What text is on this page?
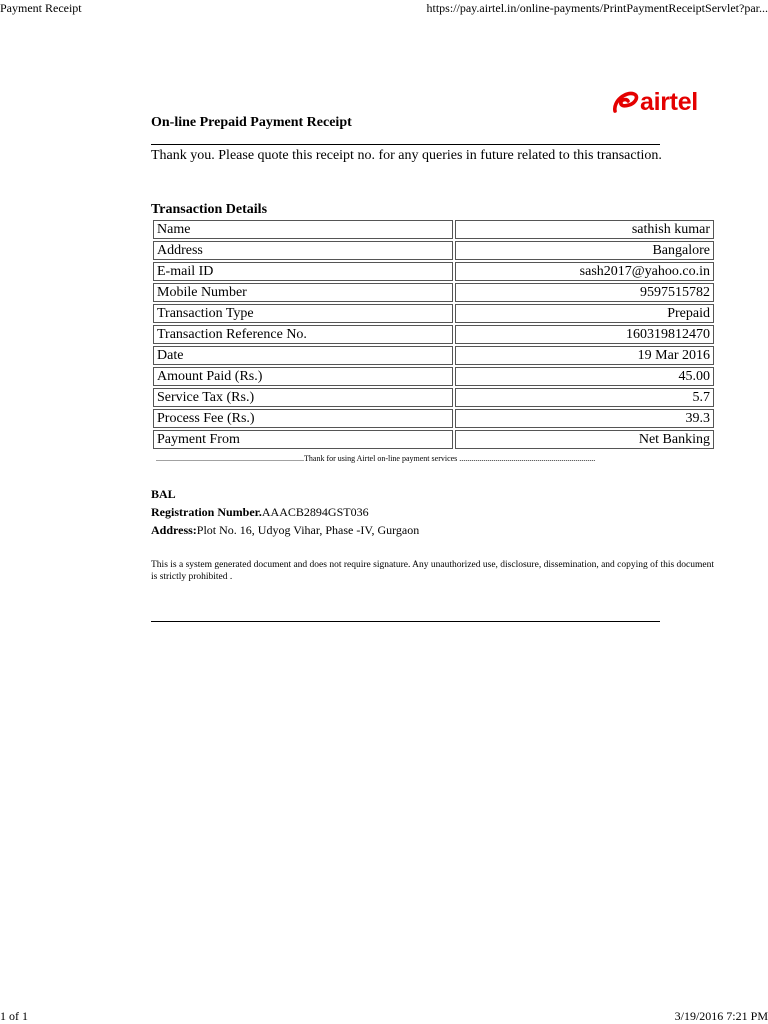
Payment Receipt	https://pay.airtel.in/online-payments/PrintPaymentReceiptServlet?par...
airtel
On-line Prepaid Payment Receipt
Thank you. Please quote this receipt no. for any queries in future related to this transaction.
Transaction Details
Name	sathish kumar
Address	Bangalore
E-mail ID	sash2017@yahoo.co.in
Mobile Number	9597515782
Transaction Type	Prepaid
Transaction Reference No.	160319812470
Date	19 Mar 2016
Amount Paid (Rs.)	45.00
Service Tax (Rs.)	5.7
Process Fee (Rs.)	39.3
Payment From	Net Banking
..........................................................................Thank for using Airtel on-line payment services ....................................................................
BAL
Registration Number.AAACB2894GST036
Address:Plot No. 16, Udyog Vihar, Phase -IV, Gurgaon
This is a system generated document and does not require signature. Any unauthorized use, disclosure, dissemination, and copying of this document is strictly prohibited .
1 of 1	3/19/2016 7:21 PM
